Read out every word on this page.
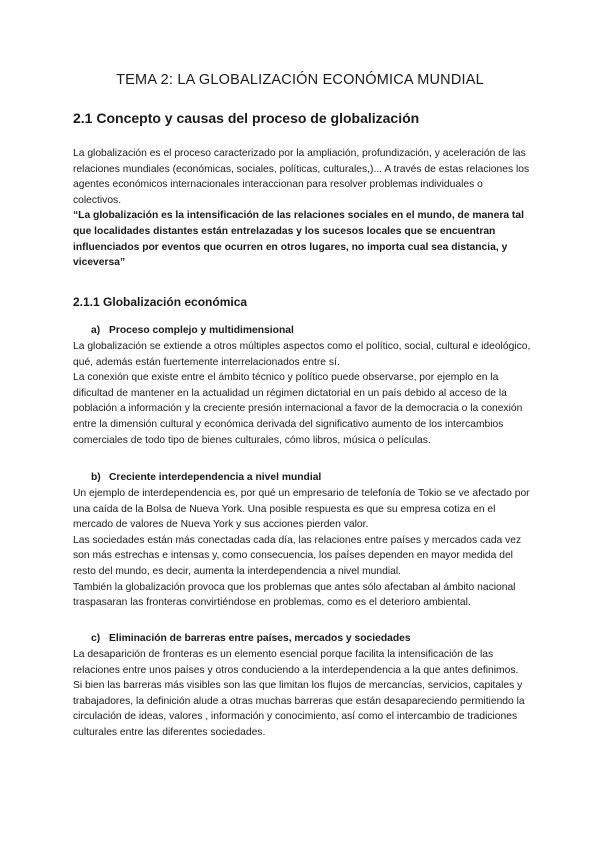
TEMA 2: LA GLOBALIZACIÓN ECONÓMICA MUNDIAL
2.1 Concepto y causas del proceso de globalización

La globalización es el proceso caracterizado por la ampliación, profundización, y aceleración de las relaciones mundiales (económicas, sociales, políticas, culturales,)... A través de estas relaciones los agentes económicos internacionales interaccionan para resolver problemas individuales o colectivos.

“La globalización es la intensificación de las relaciones sociales en el mundo, de manera tal que localidades distantes están entrelazadas y los sucesos locales que se encuentran influenciados por eventos que ocurren en otros lugares, no importa cual sea distancia, y viceversa”

2.1.1 Globalización económica
a) Proceso complejo y multidimensional

La globalización se extiende a otros múltiples aspectos como el político, social, cultural e ideológico, qué, además están fuertemente interrelacionados entre sí.

La conexión que existe entre el ámbito técnico y político puede observarse, por ejemplo en la dificultad de mantener en la actualidad un régimen dictatorial en un país debido al acceso de la población a información y la creciente presión internacional a favor de la democracia o la conexión entre la dimensión cultural y económica derivada del significativo aumento de los intercambios comerciales de todo tipo de bienes culturales, cómo libros, música o películas.

b) Creciente interdependencia a nivel mundial

Un ejemplo de interdependencia es, por qué un empresario de telefonía de Tokio se ve afectado por una caída de la Bolsa de Nueva York. Una posible respuesta es que su empresa cotiza en el mercado de valores de Nueva York y sus acciones pierden valor.

Las sociedades están más conectadas cada día, las relaciones entre países y mercados cada vez son más estrechas e intensas y, como consecuencia, los países dependen en mayor medida del resto del mundo, es decir, aumenta la interdependencia a nivel mundial.

También la globalización provoca que los problemas que antes sólo afectaban al ámbito nacional traspasaran las fronteras convirtiéndose en problemas, como es el deterioro ambiental.

c) Eliminación de barreras entre países, mercados y sociedades

La desaparición de fronteras es un elemento esencial porque facilita la intensificación de las relaciones entre unos países y otros conduciendo a la interdependencia a la que antes definimos.

Si bien las barreras más visibles son las que limitan los flujos de mercancías, servicios, capitales y trabajadores, la definición alude a otras muchas barreras que están desapareciendo permitiendo la circulación de ideas, valores , información y conocimiento, así como el intercambio de tradiciones culturales entre las diferentes sociedades.
